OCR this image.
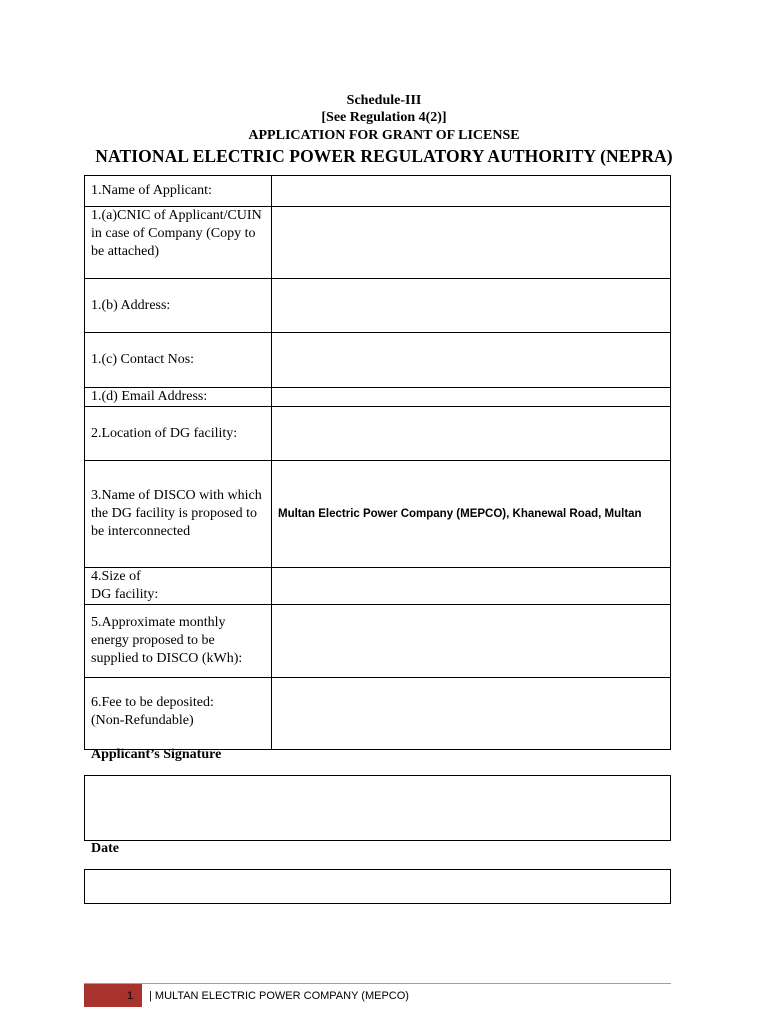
Schedule-III
[See Regulation 4(2)]
APPLICATION FOR GRANT OF LICENSE
NATIONAL ELECTRIC POWER REGULATORY AUTHORITY (NEPRA)
1.Name of Applicant:	
1.(a)CNIC of Applicant/CUIN in case of Company (Copy to be attached)	
1.(b) Address:	
1.(c) Contact Nos:	
1.(d) Email Address:	
2.Location of DG facility:	
3.Name of DISCO with which the DG facility is proposed to be interconnected	Multan Electric Power Company (MEPCO), Khanewal Road, Multan
4.Size of
DG facility:	
5.Approximate monthly energy proposed to be supplied to DISCO (kWh):	
6.Fee to be deposited:
(Non-Refundable)	
Applicant’s Signature
Date
1 | MULTAN ELECTRIC POWER COMPANY (MEPCO)
